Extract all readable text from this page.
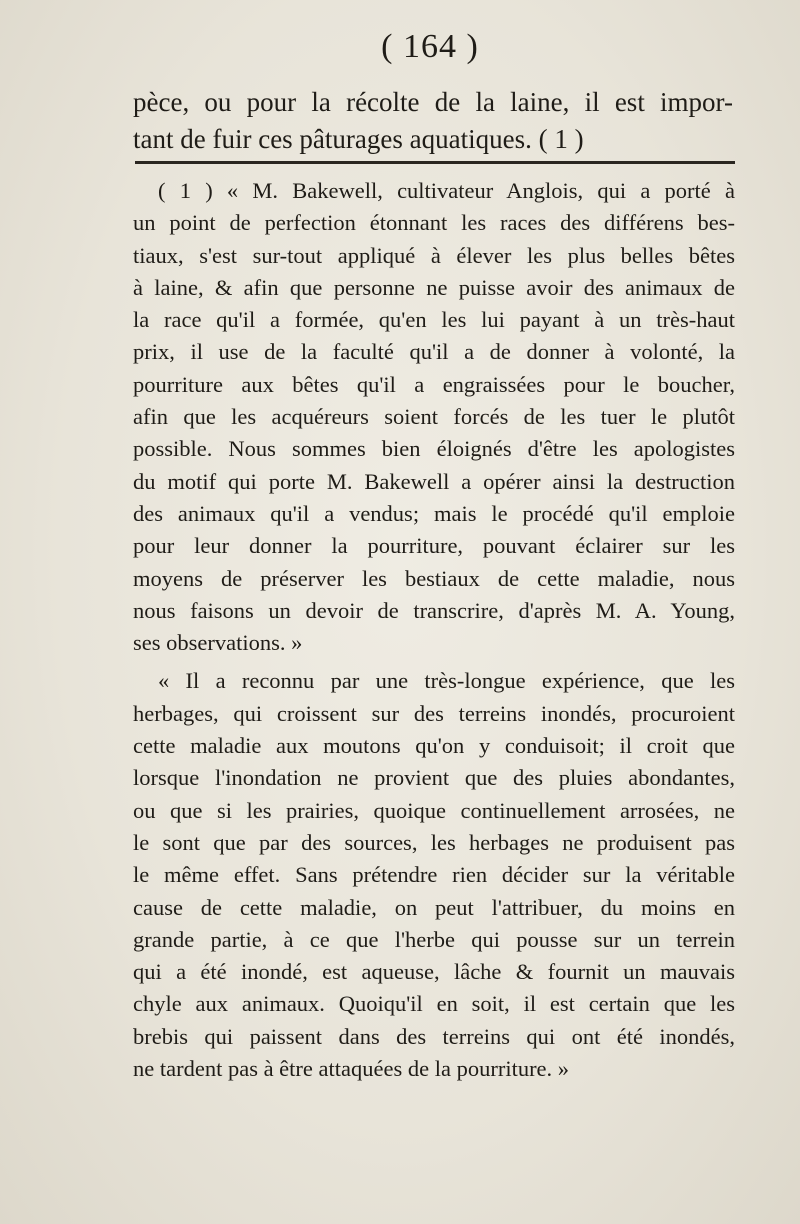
( 164 )
pèce, ou pour la récolte de la laine, il est impor-
tant de fuir ces pâturages aquatiques. ( 1 )
( 1 ) « M. Bakewell, cultivateur Anglois, qui a porté à
un point de perfection étonnant les races des différens bes-
tiaux, s'est sur-tout appliqué à élever les plus belles bêtes
à laine, & afin que personne ne puisse avoir des animaux de
la race qu'il a formée, qu'en les lui payant à un très-haut
prix, il use de la faculté qu'il a de donner à volonté, la
pourriture aux bêtes qu'il a engraissées pour le boucher,
afin que les acquéreurs soient forcés de les tuer le plutôt
possible. Nous sommes bien éloignés d'être les apologistes
du motif qui porte M. Bakewell a opérer ainsi la destruction
des animaux qu'il a vendus; mais le procédé qu'il emploie
pour leur donner la pourriture, pouvant éclairer sur les
moyens de préserver les bestiaux de cette maladie, nous
nous faisons un devoir de transcrire, d'après M. A. Young,
ses observations. »
« Il a reconnu par une très-longue expérience, que les
herbages, qui croissent sur des terreins inondés, procuroient
cette maladie aux moutons qu'on y conduisoit; il croit que
lorsque l'inondation ne provient que des pluies abondantes,
ou que si les prairies, quoique continuellement arrosées, ne
le sont que par des sources, les herbages ne produisent pas
le même effet. Sans prétendre rien décider sur la véritable
cause de cette maladie, on peut l'attribuer, du moins en
grande partie, à ce que l'herbe qui pousse sur un terrein
qui a été inondé, est aqueuse, lâche & fournit un mauvais
chyle aux animaux. Quoiqu'il en soit, il est certain que les
brebis qui paissent dans des terreins qui ont été inondés,
ne tardent pas à être attaquées de la pourriture. »
